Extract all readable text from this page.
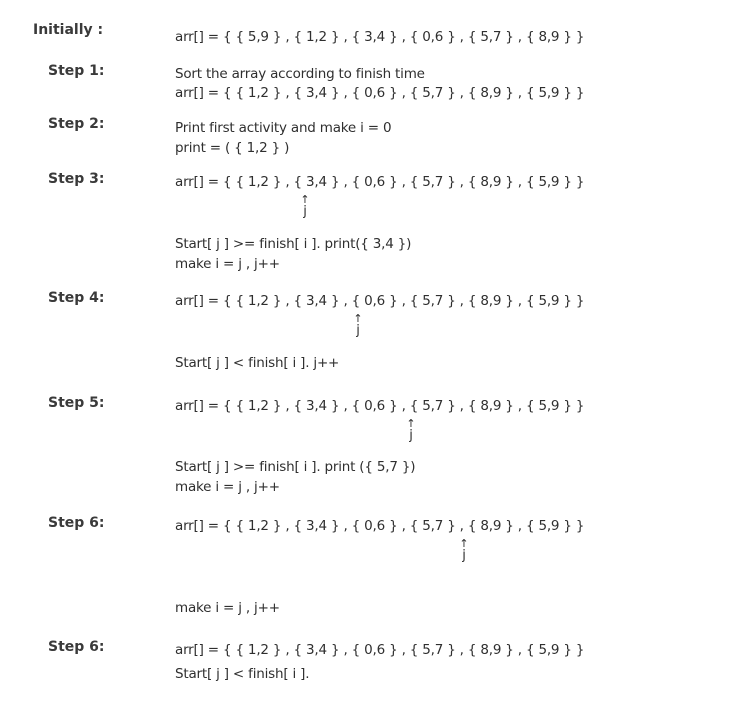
Initially :
Step 1:
Step 2:
Step 3:
Step 4:
Step 5:
Step 6:
Step 6:
arr[] = { { 5,9 } , { 1,2 } , { 3,4 } , { 0,6 } , { 5,7 } , { 8,9 } }
Sort the array according to finish time
arr[] = { { 1,2 } , { 3,4 } , { 0,6 } , { 5,7 } , { 8,9 } , { 5,9 } }
Print first activity and make i = 0
print = ( { 1,2 } )
arr[] = { { 1,2 } , { 3,4 } , { 0,6 } , { 5,7 } , { 8,9 } , { 5,9 } }
↑
j
Start[ j ] >= finish[ i ]. print({ 3,4 })
make i = j , j++
arr[] = { { 1,2 } , { 3,4 } , { 0,6 } , { 5,7 } , { 8,9 } , { 5,9 } }
↑
j
Start[ j ] < finish[ i ]. j++
arr[] = { { 1,2 } , { 3,4 } , { 0,6 } , { 5,7 } , { 8,9 } , { 5,9 } }
↑
j
Start[ j ] >= finish[ i ]. print ({ 5,7 })
make i = j , j++
arr[] = { { 1,2 } , { 3,4 } , { 0,6 } , { 5,7 } , { 8,9 } , { 5,9 } }
↑
j
make i = j , j++
arr[] = { { 1,2 } , { 3,4 } , { 0,6 } , { 5,7 } , { 8,9 } , { 5,9 } }
Start[ j ] < finish[ i ].
